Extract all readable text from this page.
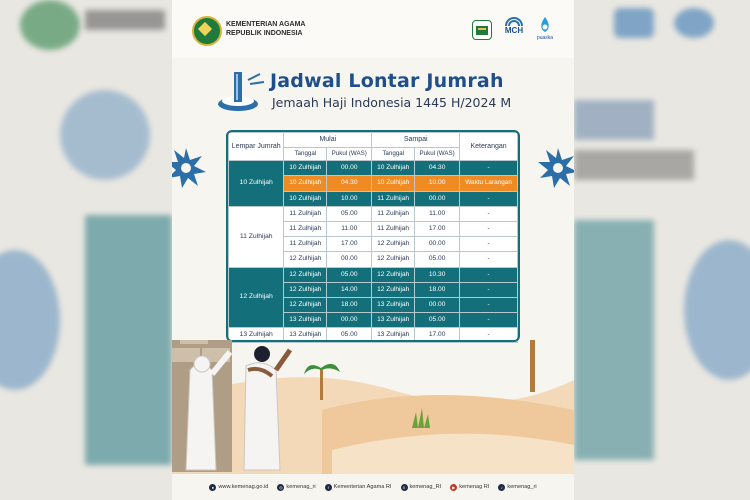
KEMENTERIAN AGAMA
REPUBLIK INDONESIA	MCH
puaska
Jadwal Lontar Jumrah
Jemaah Haji Indonesia 1445 H/2024 M
Lempar Jumrah	Mulai		Sampai		Keterangan
	Tanggal	Pukul (WAS)	Tanggal	Pukul (WAS)	
10 Zulhijah	10 Zulhijah	00.00	10 Zulhijah	04.30	-
	10 Zulhijah	04.30	10 Zulhijah	10.00	Waktu Larangan
	10 Zulhijah	10.00	11 Zulhijah	00.00	-
11 Zulhijah	11 Zulhijah	05.00	11 Zulhijah	11.00	-
	11 Zulhijah	11.00	11 Zulhijah	17.00	-
	11 Zulhijah	17.00	12 Zulhijah	00.00	-
	12 Zulhijah	00.00	12 Zulhijah	05.00	-
12 Zulhijah	12 Zulhijah	05.00	12 Zulhijah	10.30	-
	12 Zulhijah	14.00	12 Zulhijah	18.00	-
	12 Zulhijah	18.00	13 Zulhijah	00.00	-
	13 Zulhijah	00.00	13 Zulhijah	05.00	-
13 Zulhijah	13 Zulhijah	05.00	13 Zulhijah	17.00	-
● www.kemenag.go.id	◎ kemenag_ri	f Kementerian Agama RI	X kemenag_RI	▶ kemenag RI	♪ kemenag_ri
